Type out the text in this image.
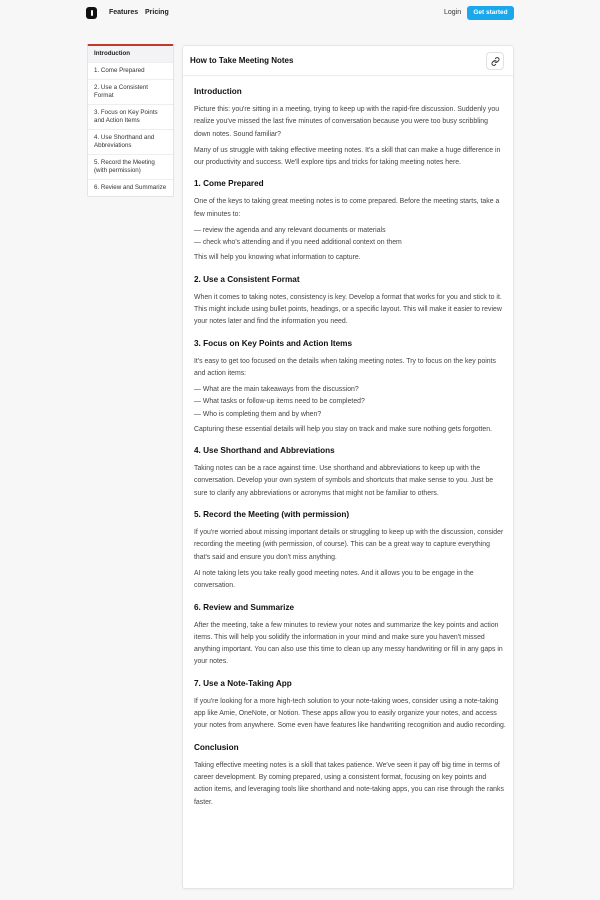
Features Pricing	Login	Get started
Introduction
1. Come Prepared
2. Use a Consistent Format
3. Focus on Key Points and Action Items
4. Use Shorthand and Abbreviations
5. Record the Meeting (with permission)
6. Review and Summarize
How to Take Meeting Notes
Introduction

Picture this: you're sitting in a meeting, trying to keep up with the rapid-fire discussion. Suddenly you realize you've missed the last five minutes of conversation because you were too busy scribbling down notes. Sound familiar?

Many of us struggle with taking effective meeting notes. It's a skill that can make a huge difference in our productivity and success. We'll explore tips and tricks for taking meeting notes here.

1. Come Prepared

One of the keys to taking great meeting notes is to come prepared. Before the meeting starts, take a few minutes to:

— review the agenda and any relevant documents or materials
— check who's attending and if you need additional context on them

This will help you knowing what information to capture.

2. Use a Consistent Format

When it comes to taking notes, consistency is key. Develop a format that works for you and stick to it. This might include using bullet points, headings, or a specific layout. This will make it easier to review your notes later and find the information you need.

3. Focus on Key Points and Action Items

It's easy to get too focused on the details when taking meeting notes. Try to focus on the key points and action items:

— What are the main takeaways from the discussion?
— What tasks or follow-up items need to be completed?
— Who is completing them and by when?

Capturing these essential details will help you stay on track and make sure nothing gets forgotten.

4. Use Shorthand and Abbreviations

Taking notes can be a race against time. Use shorthand and abbreviations to keep up with the conversation. Develop your own system of symbols and shortcuts that make sense to you. Just be sure to clarify any abbreviations or acronyms that might not be familiar to others.

5. Record the Meeting (with permission)

If you're worried about missing important details or struggling to keep up with the discussion, consider recording the meeting (with permission, of course). This can be a great way to capture everything that's said and ensure you don't miss anything.

AI note taking lets you take really good meeting notes. And it allows you to be engage in the conversation.

6. Review and Summarize

After the meeting, take a few minutes to review your notes and summarize the key points and action items. This will help you solidify the information in your mind and make sure you haven't missed anything important. You can also use this time to clean up any messy handwriting or fill in any gaps in your notes.

7. Use a Note-Taking App

If you're looking for a more high-tech solution to your note-taking woes, consider using a note-taking app like Amie, OneNote, or Notion. These apps allow you to easily organize your notes, and access your notes from anywhere. Some even have features like handwriting recognition and audio recording.

Conclusion

Taking effective meeting notes is a skill that takes patience. We've seen it pay off big time in terms of career development. By coming prepared, using a consistent format, focusing on key points and action items, and leveraging tools like shorthand and note-taking apps, you can rise through the ranks faster.
